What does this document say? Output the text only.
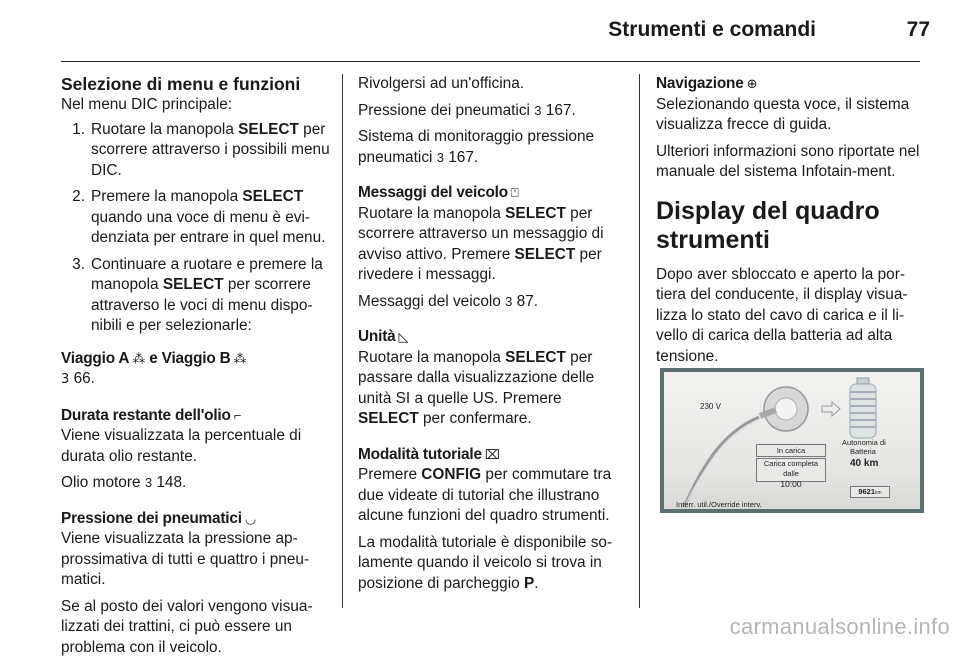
Strumenti e comandi	77

Selezione di menu e funzioni

Nel menu DIC principale:

1. Ruotare la manopola SELECT per scorrere attraverso i possibili menu DIC.
2. Premere la manopola SELECT quando una voce di menu è evi-denziata per entrare in quel menu.
3. Continuare a ruotare e premere la manopola SELECT per scorrere attraverso le voci di menu dispo-nibili e per selezionarle:

Viaggio A ⁂ e Viaggio B ⁂

3 66.

Durata restante dell'olio ⌐

Viene visualizzata la percentuale di durata olio restante.

Olio motore 3 148.

Pressione dei pneumatici ◡

Viene visualizzata la pressione ap-prossimativa di tutti e quattro i pneu-matici.

Se al posto dei valori vengono visua-lizzati dei trattini, ci può essere un problema con il veicolo.

Rivolgersi ad un'officina.

Pressione dei pneumatici 3 167.

Sistema di monitoraggio pressione pneumatici 3 167.

Messaggi del veicolo ⍞

Ruotare la manopola SELECT per scorrere attraverso un messaggio di avviso attivo. Premere SELECT per rivedere i messaggi.

Messaggi del veicolo 3 87.

Unità ◺

Ruotare la manopola SELECT per passare dalla visualizzazione delle unità SI a quelle US. Premere SELECT per confermare.

Modalità tutoriale ⌧

Premere CONFIG per commutare tra due videate di tutorial che illustrano alcune funzioni del quadro strumenti.

La modalità tutoriale è disponibile so-lamente quando il veicolo si trova in posizione di parcheggio P.

Navigazione ⊕

Selezionando questa voce, il sistema visualizza frecce di guida.

Ulteriori informazioni sono riportate nel manuale del sistema Infotain-ment.

Display del quadro strumenti

Dopo aver sbloccato e aperto la por-tiera del conducente, il display visua-lizza lo stato del cavo di carica e il li-vello di carica della batteria ad alta tensione.

230 V
In carica
Carica completa dalle
10:00
Autonomia di
Batteria
40 km
9621km
Interr. util./Override interv.
carmanualsonline.info
